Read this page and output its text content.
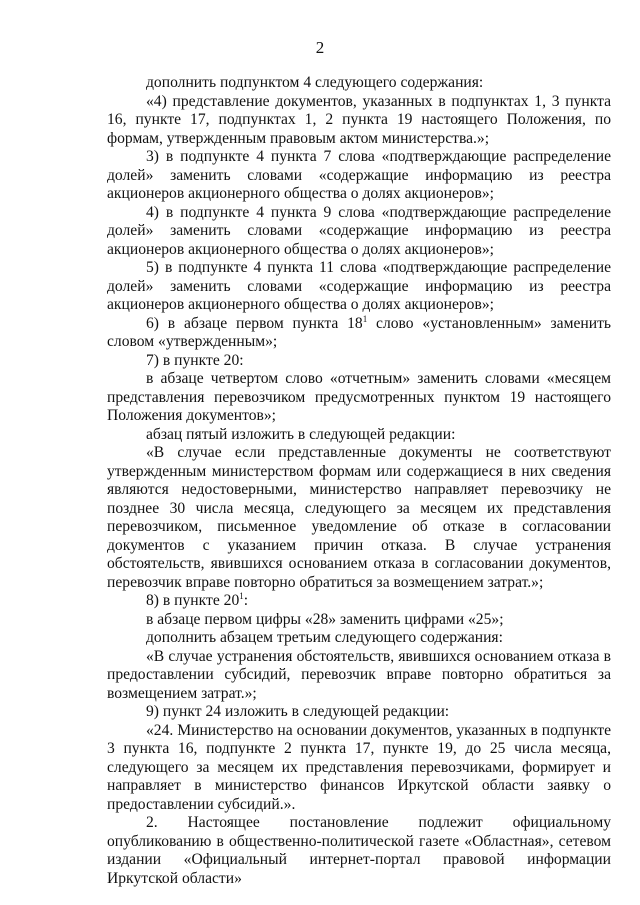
2

дополнить подпунктом 4 следующего содержания:

«4) представление документов, указанных в подпунктах 1, 3 пункта 16, пункте 17, подпунктах 1, 2 пункта 19 настоящего Положения, по формам, утвержденным правовым актом министерства.»;

3) в подпункте 4 пункта 7 слова «подтверждающие распределение долей» заменить словами «содержащие информацию из реестра акционеров акционерного общества о долях акционеров»;

4) в подпункте 4 пункта 9 слова «подтверждающие распределение долей» заменить словами «содержащие информацию из реестра акционеров акционерного общества о долях акционеров»;

5) в подпункте 4 пункта 11 слова «подтверждающие распределение долей» заменить словами «содержащие информацию из реестра акционеров акционерного общества о долях акционеров»;

6) в абзаце первом пункта $18^1$ слово «установленным» заменить словом «утвержденным»;

7) в пункте 20:

в абзаце четвертом слово «отчетным» заменить словами «месяцем представления перевозчиком предусмотренных пунктом 19 настоящего Положения документов»;

абзац пятый изложить в следующей редакции:

«В случае если представленные документы не соответствуют утвержденным министерством формам или содержащиеся в них сведения являются недостоверными, министерство направляет перевозчику не позднее 30 числа месяца, следующего за месяцем их представления перевозчиком, письменное уведомление об отказе в согласовании документов с указанием причин отказа. В случае устранения обстоятельств, явившихся основанием отказа в согласовании документов, перевозчик вправе повторно обратиться за возмещением затрат.»;

8) в пункте $20^1$:

в абзаце первом цифры «28» заменить цифрами «25»;

дополнить абзацем третьим следующего содержания:

«В случае устранения обстоятельств, явившихся основанием отказа в предоставлении субсидий, перевозчик вправе повторно обратиться за возмещением затрат.»;

9) пункт 24 изложить в следующей редакции:

«24. Министерство на основании документов, указанных в подпункте 3 пункта 16, подпункте 2 пункта 17, пункте 19, до 25 числа месяца, следующего за месяцем их представления перевозчиками, формирует и направляет в министерство финансов Иркутской области заявку о предоставлении субсидий.».

2. Настоящее постановление подлежит официальному опубликованию в общественно-политической газете «Областная», сетевом издании «Официальный интернет-портал правовой информации Иркутской области»
